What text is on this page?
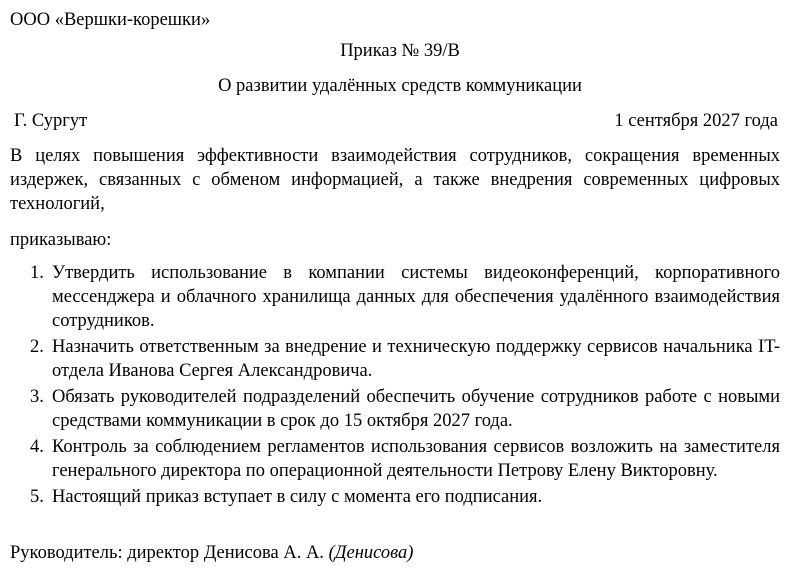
ООО «Вершки-корешки»
Приказ № 39/В
О развитии удалённых средств коммуникации
Г. Сургут	1 сентября 2027 года
В целях повышения эффективности взаимодействия сотрудников, сокращения временных издержек, связанных с обменом информацией, а также внедрения современных цифровых технологий,
приказываю:
1. Утвердить использование в компании системы видеоконференций, корпоративного мессенджера и облачного хранилища данных для обеспечения удалённого взаимодействия сотрудников.
2. Назначить ответственным за внедрение и техническую поддержку сервисов начальника IT-отдела Иванова Сергея Александровича.
3. Обязать руководителей подразделений обеспечить обучение сотрудников работе с новыми средствами коммуникации в срок до 15 октября 2027 года.
4. Контроль за соблюдением регламентов использования сервисов возложить на заместителя генерального директора по операционной деятельности Петрову Елену Викторовну.
5. Настоящий приказ вступает в силу с момента его подписания.
Руководитель: директор Денисова А. А. (Денисова)
